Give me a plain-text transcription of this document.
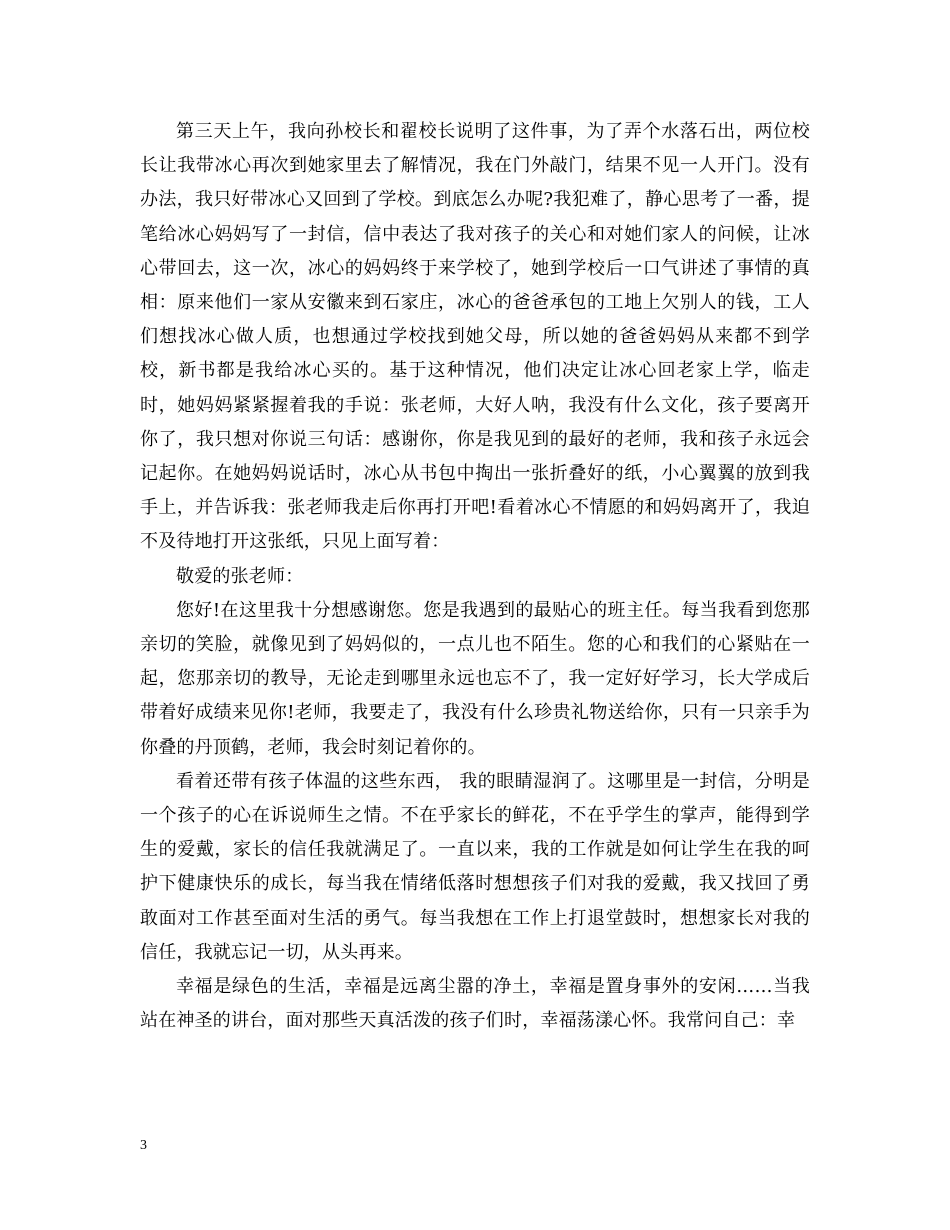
第三天上午，我向孙校长和翟校长说明了这件事，为了弄个水落石出，两位校长让我带冰心再次到她家里去了解情况，我在门外敲门，结果不见一人开门。没有办法，我只好带冰心又回到了学校。到底怎么办呢?我犯难了，静心思考了一番，提笔给冰心妈妈写了一封信，信中表达了我对孩子的关心和对她们家人的问候，让冰心带回去，这一次，冰心的妈妈终于来学校了，她到学校后一口气讲述了事情的真相：原来他们一家从安徽来到石家庄，冰心的爸爸承包的工地上欠别人的钱，工人们想找冰心做人质，也想通过学校找到她父母，所以她的爸爸妈妈从来都不到学校，新书都是我给冰心买的。基于这种情况，他们决定让冰心回老家上学，临走时，她妈妈紧紧握着我的手说：张老师，大好人呐，我没有什么文化，孩子要离开你了，我只想对你说三句话：感谢你，你是我见到的最好的老师，我和孩子永远会记起你。在她妈妈说话时，冰心从书包中掏出一张折叠好的纸，小心翼翼的放到我手上，并告诉我：张老师我走后你再打开吧!看着冰心不情愿的和妈妈离开了，我迫不及待地打开这张纸，只见上面写着：

敬爱的张老师：

您好!在这里我十分想感谢您。您是我遇到的最贴心的班主任。每当我看到您那亲切的笑脸，就像见到了妈妈似的，一点儿也不陌生。您的心和我们的心紧贴在一起，您那亲切的教导，无论走到哪里永远也忘不了，我一定好好学习，长大学成后带着好成绩来见你!老师，我要走了，我没有什么珍贵礼物送给你，只有一只亲手为你叠的丹顶鹤，老师，我会时刻记着你的。

看着还带有孩子体温的这些东西， 我的眼睛湿润了。这哪里是一封信，分明是一个孩子的心在诉说师生之情。不在乎家长的鲜花，不在乎学生的掌声，能得到学生的爱戴，家长的信任我就满足了。一直以来，我的工作就是如何让学生在我的呵护下健康快乐的成长，每当我在情绪低落时想想孩子们对我的爱戴，我又找回了勇敢面对工作甚至面对生活的勇气。每当我想在工作上打退堂鼓时，想想家长对我的信任，我就忘记一切，从头再来。

幸福是绿色的生活，幸福是远离尘嚣的净土，幸福是置身事外的安闲……当我站在神圣的讲台，面对那些天真活泼的孩子们时，幸福荡漾心怀。我常问自己：幸

3
